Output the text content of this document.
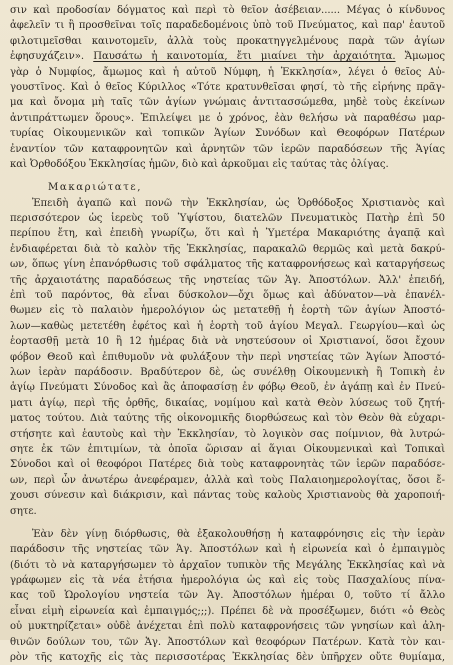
σιν καὶ προδοσίαν δόγματος καὶ περὶ τὸ θεῖον ἀσέβειαν...... Μέγας ὁ κίνδυνος
ἀφελεῖν τι ἢ προσθεῖναι τοῖς παραδεδομένοις ὑπὸ τοῦ Πνεύματος, καὶ παρ' ἑαυτοῦ
φιλοτιμεῖσθαι καινοτομεῖν, ἀλλὰ τοὺς προκατηγγελμένους παρὰ τῶν ἁγίων
ἐφησυχάζειν». Παυσάτω ἡ καινοτομία, ἔτι μιαίνει τὴν ἀρχαιότητα. Ἄμωμος
γὰρ ὁ Νυμφίος, ἄμωμος καὶ ἡ αὐτοῦ Νύμφη, ἡ Ἐκκλησία», λέγει ὁ θεῖος Αὐ-
γουστῖνος. Καὶ ὁ θεῖος Κύριλλος «Τότε κρατυνθεῖσαι φησί, τὸ τῆς εἰρήνης πρᾶγ-
μα καὶ ὄνομα μὴ ταῖς τῶν ἁγίων γνώμαις ἀντιτασσώμεθα, μηδὲ τοὺς ἐκείνων
ἀντιπράττωμεν ὅρους». Ἐπιλείψει με ὁ χρόνος, ἐὰν θελήσω νὰ παραθέσω μαρ-
τυρίας Οἰκουμενικῶν καὶ τοπικῶν Ἁγίων Συνόδων καὶ Θεοφόρων Πατέρων
ἐναντίον τῶν καταφρονητῶν καὶ ἀρνητῶν τῶν ἱερῶν παραδόσεων τῆς Ἁγίας
καὶ Ὀρθοδόξου Ἐκκλησίας ἡμῶν, διὸ καὶ ἀρκοῦμαι εἰς ταύτας τὰς ὀλίγας.
Μακαριώτατε,
Ἐπειδὴ ἀγαπῶ καὶ πονῶ τὴν Ἐκκλησίαν, ὡς Ὀρθόδοξος Χριστιανὸς καὶ
περισσότερον ὡς ἱερεὺς τοῦ Ὑψίστου, διατελῶν Πνευματικὸς Πατὴρ ἐπὶ 50
περίπου ἔτη, καὶ ἐπειδὴ γνωρίζω, ὅτι καὶ ἡ Ὑμετέρα Μακαριότης ἀγαπᾷ καὶ
ἐνδιαφέρεται διὰ τὸ καλὸν τῆς Ἐκκλησίας, παρακαλῶ θερμῶς καὶ μετὰ δακρύ-
ων, ὅπως γίνη ἐπανόρθωσις τοῦ σφάλματος τῆς καταφρονήσεως καὶ καταργήσεως
τῆς ἀρχαιοτάτης παραδόσεως τῆς νηστείας τῶν Ἁγ. Ἀποστόλων. Ἀλλ' ἐπειδή,
ἐπὶ τοῦ παρόντος, θὰ εἶναι δύσκολον—ὄχι ὅμως καὶ ἀδύνατον—νὰ ἐπανέλ-
θωμεν εἰς τὸ παλαιὸν ἡμερολόγιον ὡς μετατεθῇ ἡ ἑορτὴ τῶν ἁγίων Ἀποστό-
λων—καθὼς μετετέθη ἐφέτος καὶ ἡ ἑορτὴ τοῦ ἁγίου Μεγαλ. Γεωργίου—καὶ ὡς
ἑορτασθῇ μετὰ 10 ἢ 12 ἡμέρας διὰ νὰ νηστεύσουν οἱ Χριστιανοί, ὅσοι ἔχουν
φόβον Θεοῦ καὶ ἐπιθυμοῦν νὰ φυλάξουν τὴν περὶ νηστείας τῶν Ἁγίων Ἀποστό-
λων ἱερὰν παράδοσιν. Βραδύτερον δὲ, ὡς συνέλθῃ Οἰκουμενικὴ ἢ Τοπικὴ ἐν
ἁγίῳ Πνεύματι Σύνοδος καὶ ἂς ἀποφασίσῃ ἐν φόβῳ Θεοῦ, ἐν ἀγάπῃ καὶ ἐν Πνεύ-
ματι ἁγίῳ, περὶ τῆς ὀρθῆς, δικαίας, νομίμου καὶ κατὰ Θεὸν λύσεως τοῦ ζητή-
ματος τούτου. Διὰ ταύτης τῆς οἰκονομικῆς διορθώσεως καὶ τὸν Θεὸν θὰ εὐχαρι-
στήσητε καὶ ἑαυτοὺς καὶ τὴν Ἐκκλησίαν, τὸ λογικὸν σας ποίμνιον, θὰ λυτρώ-
σητε ἐκ τῶν ἐπιτιμίων, τὰ ὁποῖα ὥρισαν αἱ ἅγιαι Οἰκουμενικαὶ καὶ Τοπικαὶ
Σύνοδοι καὶ οἱ θεοφόροι Πατέρες διὰ τοὺς καταφρονητὰς τῶν ἱερῶν παραδόσε-
ων, περὶ ὧν ἀνωτέρω ἀνεφέραμεν, ἀλλὰ καὶ τοὺς Παλαιοημερολογίτας, ὅσοι ἔ-
χουσι σύνεσιν καὶ διάκρισιν, καὶ πάντας τοὺς καλοὺς Χριστιανοὺς θὰ χαροποιή-
σητε.
Ἐὰν δὲν γίνῃ διόρθωσις, θὰ ἐξακολουθήσῃ ἡ καταφρόνησις εἰς τὴν ἱερὰν
παράδοσιν τῆς νηστείας τῶν Ἁγ. Ἀποστόλων καὶ ἡ εἰρωνεία καὶ ὁ ἐμπαιγμὸς
(διότι τὸ νὰ καταργήσωμεν τὸ ἀρχαῖον τυπικὸν τῆς Μεγάλης Ἐκκλησίας καὶ νὰ
γράφωμεν εἰς τὰ νέα ἐτήσια ἡμερολόγια ὡς καὶ εἰς τοὺς Πασχαλίους πίνα-
κας τοῦ Ὡρολογίου νηστεία τῶν Ἁγ. Ἀποστόλων ἡμέραι 0, τοῦτο τί ἄλλο
εἶναι εἰμὴ εἰρωνεία καὶ ἐμπαιγμός;;;). Πρέπει δὲ νὰ προσέξωμεν, διότι «ὁ Θεὸς
οὐ μυκτηρίζεται» οὐδὲ ἀνέχεται ἐπὶ πολὺ καταφρονήσεις τῶν γνησίων καὶ ἀλη-
θινῶν δούλων του, τῶν Ἁγ. Ἀποστόλων καὶ θεοφόρων Πατέρων. Κατὰ τὸν και-
ρὸν τῆς κατοχῆς εἰς τὰς περισσοτέρας Ἐκκλησίας δὲν ὑπῆρχεν οὔτε θυμίαμα,
